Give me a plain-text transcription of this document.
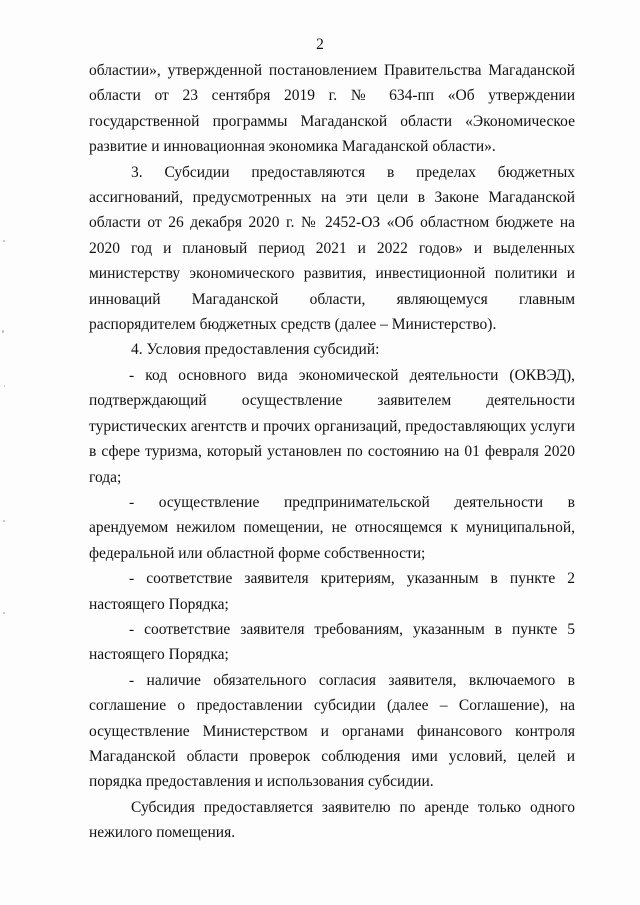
2

областии», утвержденной постановлением Правительства Магаданской области от 23 сентября 2019 г. № 634-пп «Об утверждении государственной программы Магаданской области «Экономическое развитие и инновационная экономика Магаданской области».

3. Субсидии предоставляются в пределах бюджетных ассигнований, предусмотренных на эти цели в Законе Магаданской области от 26 декабря 2020 г. № 2452-ОЗ «Об областном бюджете на 2020 год и плановый период 2021 и 2022 годов» и выделенных министерству экономического развития, инвестиционной политики и инноваций Магаданской области, являющемуся главным распорядителем бюджетных средств (далее – Министерство).

4. Условия предоставления субсидий:

- код основного вида экономической деятельности (ОКВЭД), подтверждающий осуществление заявителем деятельности туристических агентств и прочих организаций, предоставляющих услуги в сфере туризма, который установлен по состоянию на 01 февраля 2020 года;

- осуществление предпринимательской деятельности в арендуемом нежилом помещении, не относящемся к муниципальной, федеральной или областной форме собственности;

- соответствие заявителя критериям, указанным в пункте 2 настоящего Порядка;

- соответствие заявителя требованиям, указанным в пункте 5 настоящего Порядка;

- наличие обязательного согласия заявителя, включаемого в соглашение о предоставлении субсидии (далее – Соглашение), на осуществление Министерством и органами финансового контроля Магаданской области проверок соблюдения ими условий, целей и порядка предоставления и использования субсидии.

Субсидия предоставляется заявителю по аренде только одного нежилого помещения.
